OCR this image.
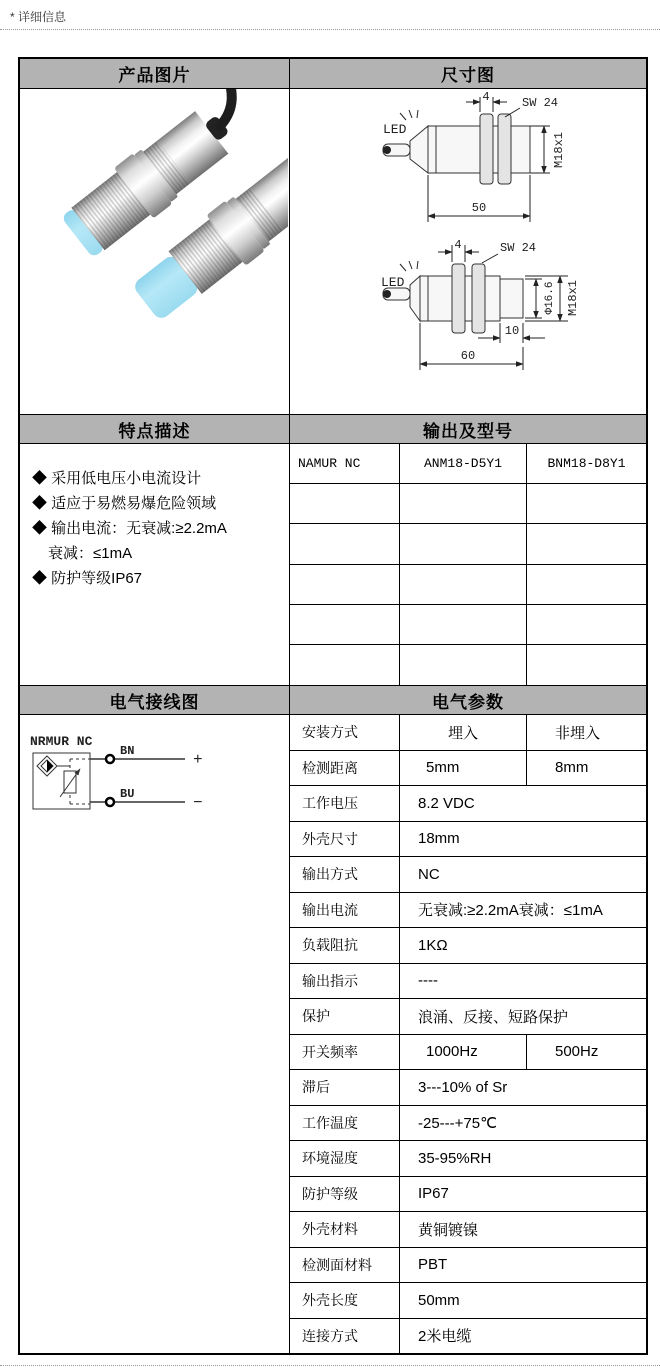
* 详细信息
产品图片	尺寸图
LED
4	SW 24
M18x1
50
LED
4	SW 24
Φ16.6 M18x1
10
60
特点描述	输出及型号
◆ 采用低电压小电流设计
◆ 适应于易燃易爆危险领域
◆ 输出电流：无衰减:≥2.2mA
衰减：≤1mA
◆ 防护等级IP67
NAMUR NC	ANM18-D5Y1	BNM18-D8Y1
电气接线图	电气参数
NRMUR NC
BN
BU
+
−
安装方式	埋入	非埋入
检测距离	5mm	8mm
工作电压	8.2 VDC
外壳尺寸	18mm
输出方式	NC
输出电流	无衰减:≥2.2mA衰减：≤1mA
负载阻抗	1KΩ
输出指示	----
保护	浪涌、反接、短路保护
开关频率	1000Hz	500Hz
滞后	3---10% of Sr
工作温度	-25---+75℃
环境湿度	35-95%RH
防护等级	IP67
外壳材料	黄铜镀镍
检测面材料	PBT
外壳长度	50mm
连接方式	2米电缆
